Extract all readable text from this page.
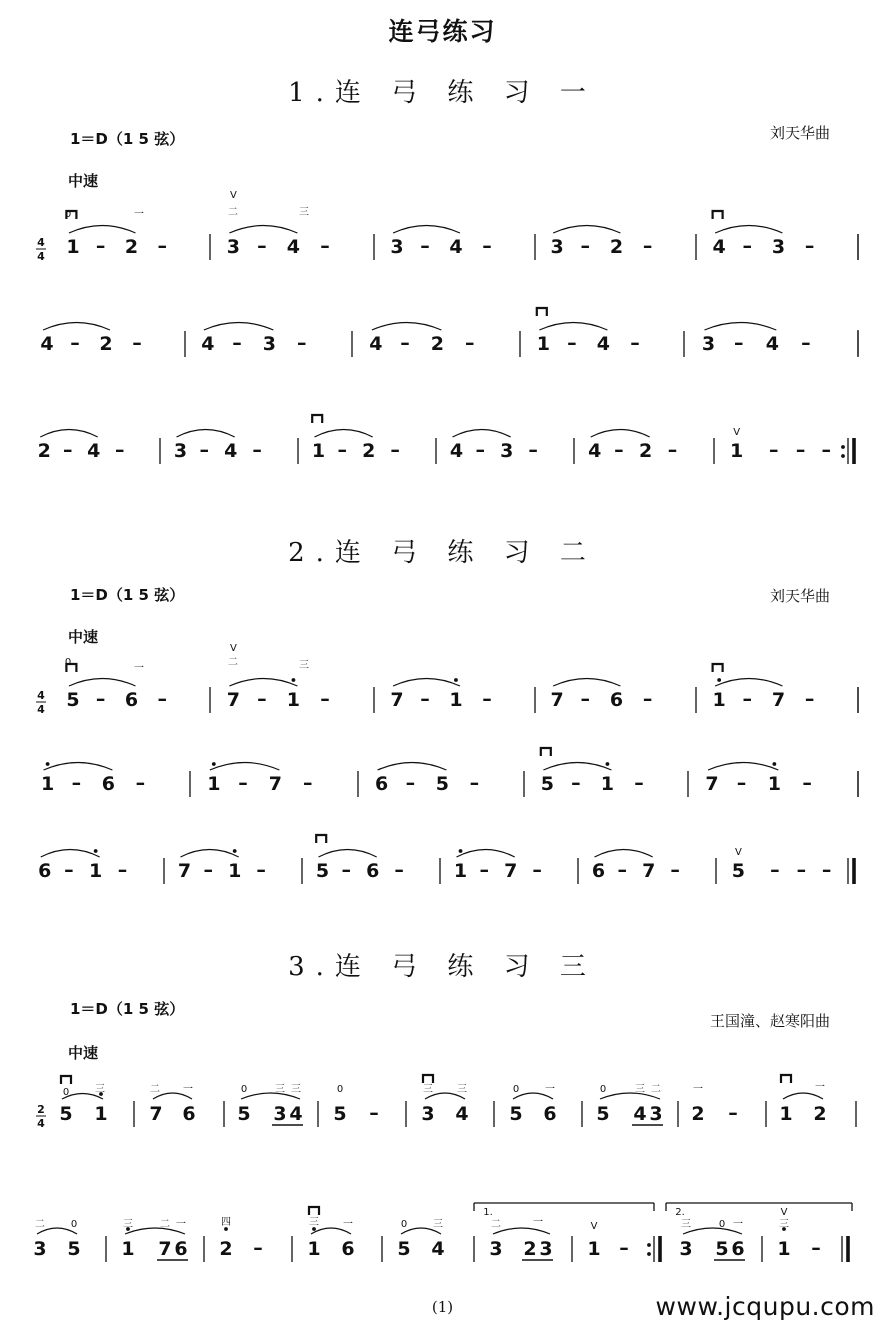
连弓练习
1.连 弓 练 习 一
1＝D（1 5 弦）	刘天华曲
中速
2.连 弓 练 习 二
1＝D（1 5 弦）	刘天华曲
中速
3.连 弓 练 习 三
1＝D（1 5 弦）
王国潼、赵寒阳曲
中速
4
4 1 – 2 –	3 – 4 –	3 – 4 –	3 – 2 –	4 – 3 –
4 – 2 –	4 – 3 –	4 – 2 –	1 – 4 –	3 – 4 –
2 – 4 –	3 – 4 –	1 – 2 –	4 – 3 –	4 – 2 –	1 – – –
V
V
0	一	二	三
4
4 5 – 6 –	7 – 1 –	7 – 1 –	7 – 6 –	1 – 7 –
1 – 6 –	1 – 7 –	6 – 5 –	5 – 1 –	7 – 1 –
6 – 1 –	7 – 1 –	5 – 6 –	1 – 7 –	6 – 7 –	5 – – –
V
V
0
一
二	三
2
4 5 1
0	三
7 6
二 一
5 3 4
0	三 三
5 –
0
3 4
三 三
5 6
0	一
5 4 3
0	三 二
2 –
一
1 2
一
3 5
二	0
1 7 6
三	二 一
2 –
四
1 6
三 一
5 4
0	三
1.
3 2 3
二	一
1 –
V
2.
3 5 6
三	0 一
1 –
V
三
(1)	www.jcqupu.com
